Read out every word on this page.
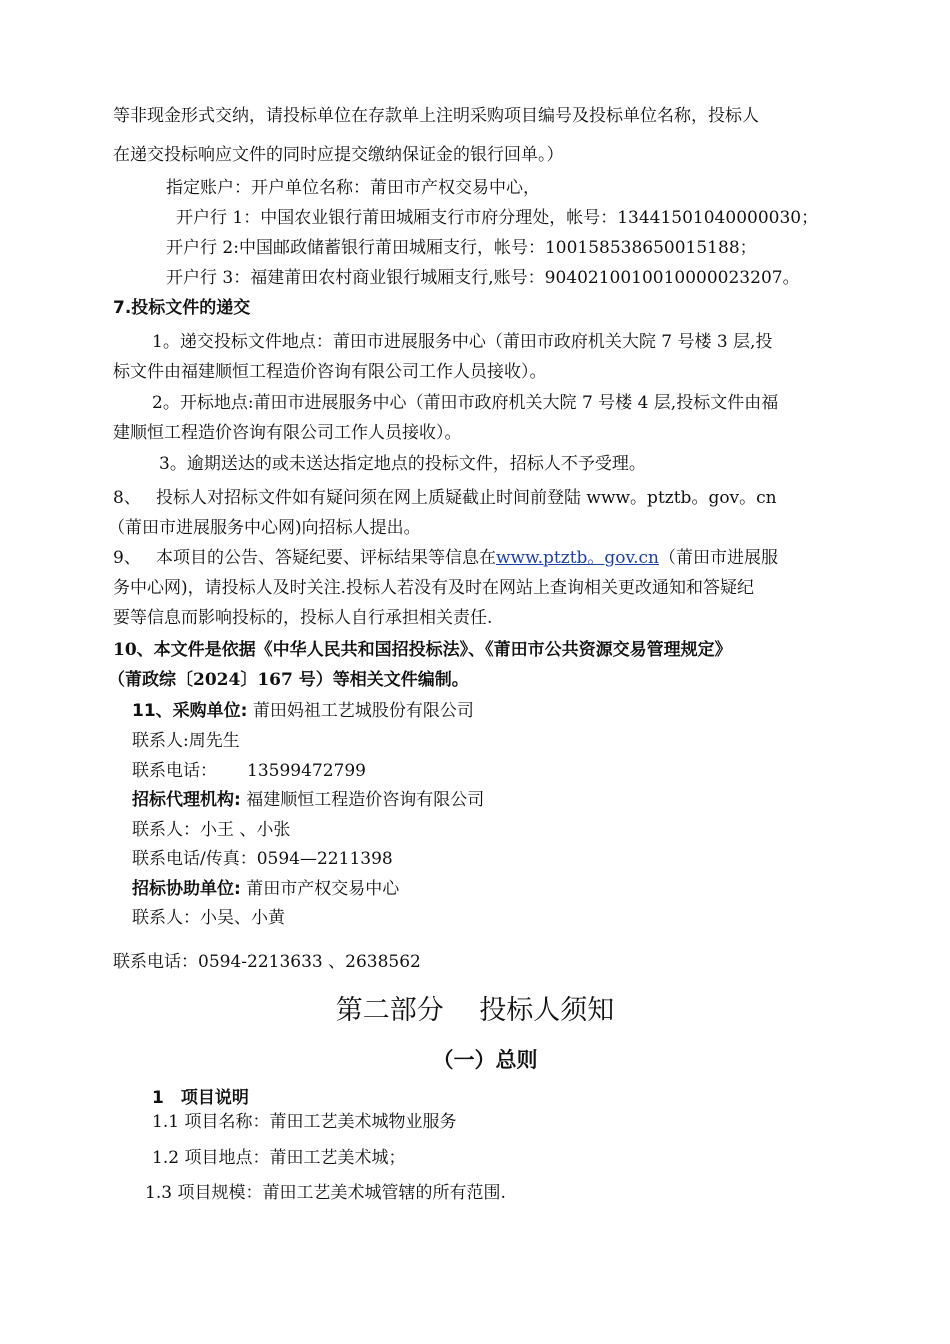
等非现金形式交纳，请投标单位在存款单上注明采购项目编号及投标单位名称，投标人
在递交投标响应文件的同时应提交缴纳保证金的银行回单。）
指定账户：开户单位名称：莆田市产权交易中心，
开户行 1：中国农业银行莆田城厢支行市府分理处，帐号：13441501040000030；
开户行 2:中国邮政储蓄银行莆田城厢支行，帐号：100158538650015188；
开户行 3：福建莆田农村商业银行城厢支行,账号：9040210010010000023207。
7.投标文件的递交
1。递交投标文件地点：莆田市进展服务中心（莆田市政府机关大院 7 号楼 3 层,投
标文件由福建顺恒工程造价咨询有限公司工作人员接收）。
2。开标地点:莆田市进展服务中心（莆田市政府机关大院 7 号楼 4 层,投标文件由福
建顺恒工程造价咨询有限公司工作人员接收）。
3。逾期送达的或未送达指定地点的投标文件，招标人不予受理。
8、 投标人对招标文件如有疑问须在网上质疑截止时间前登陆 www。ptztb。gov。cn
（莆田市进展服务中心网)向招标人提出。
9、 本项目的公告、答疑纪要、评标结果等信息在www.ptztb。gov.cn（莆田市进展服
务中心网)，请投标人及时关注.投标人若没有及时在网站上查询相关更改通知和答疑纪
要等信息而影响投标的，投标人自行承担相关责任.
10、本文件是依据《中华人民共和国招投标法》、《莆田市公共资源交易管理规定》
（莆政综〔2024〕167 号）等相关文件编制。
11、采购单位: 莆田妈祖工艺城股份有限公司
联系人:周先生
联系电话： 13599472799
招标代理机构: 福建顺恒工程造价咨询有限公司
联系人：小王 、小张
联系电话/传真：0594—2211398
招标协助单位: 莆田市产权交易中心
联系人：小吴、小黄
联系电话：0594-2213633 、2638562
第二部分　 投标人须知
（一）总则
1　项目说明
1.1 项目名称：莆田工艺美术城物业服务
1.2 项目地点：莆田工艺美术城；
1.3 项目规模：莆田工艺美术城管辖的所有范围.
